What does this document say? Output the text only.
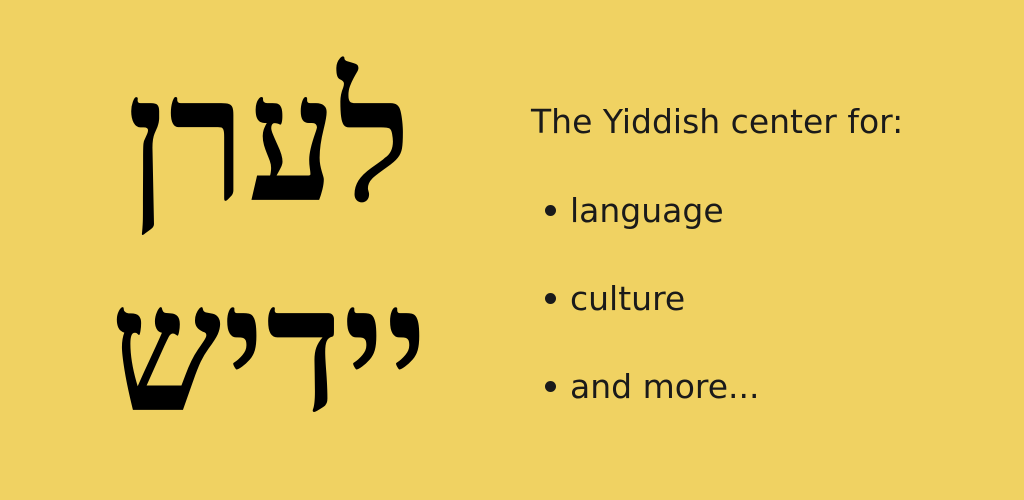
לערן
יידיש
The Yiddish center for:
language
culture
and more...
